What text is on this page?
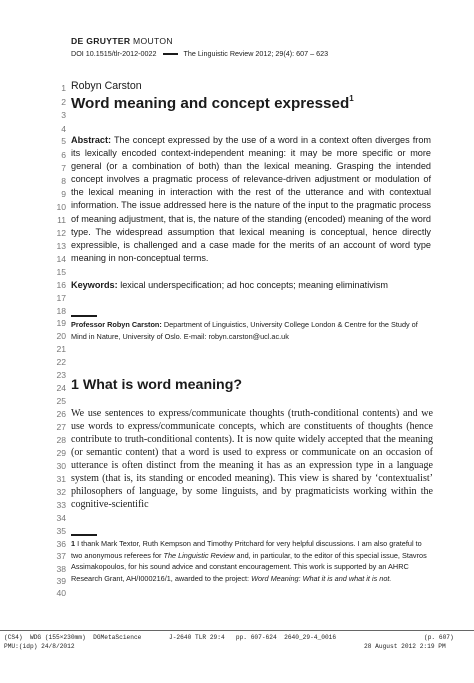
DE GRUYTER MOUTON
DOI 10.1515/tlr-2012-0022	The Linguistic Review 2012; 29(4): 607 – 623
1
2
3
4
5
6
7
8
9
10
11
12
13
14
15
16
17
18
19
20
21
22
23
24
25
26
27
28
29
30
31
32
33
34
35
36
37
38
39
40
Robyn Carston
Word meaning and concept expressed$^1$
Abstract: The concept expressed by the use of a word in a context often diverges from its lexically encoded context-independent meaning: it may be more specific or more general (or a combination of both) than the lexical meaning. Grasping the intended concept involves a pragmatic process of relevance-driven adjustment or modulation of the lexical meaning in interaction with the rest of the utterance and with contextual information. The issue addressed here is the nature of the input to the pragmatic process of meaning adjustment, that is, the nature of the standing (encoded) meaning of the word type. The widespread assumption that lexical meaning is conceptual, hence directly expressible, is challenged and a case made for the merits of an account of word type meaning in non-conceptual terms.
Keywords: lexical underspecification; ad hoc concepts; meaning eliminativism
Professor Robyn Carston: Department of Linguistics, University College London & Centre for the Study of Mind in Nature, University of Oslo. E-mail: robyn.carston@ucl.ac.uk
1 What is word meaning?
We use sentences to express/communicate thoughts (truth-conditional contents) and we use words to express/communicate concepts, which are constituents of thoughts (hence contribute to truth-conditional contents). It is now quite widely accepted that the meaning (or semantic content) that a word is used to express or communicate on an occasion of utterance is often distinct from the meaning it has as an expression type in a language system (that is, its standing or encoded meaning). This view is shared by ‘contextualist’ philosophers of language, by some linguists, and by pragmaticists working within the cognitive-scientific
1 I thank Mark Textor, Ruth Kempson and Timothy Pritchard for very helpful discussions. I am also grateful to two anonymous referees for The Linguistic Review and, in particular, to the editor of this special issue, Stavros Assimakopoulos, for his sound advice and constant encouragement. This work is supported by an AHRC Research Grant, AH/I000216/1, awarded to the project: Word Meaning: What it is and what it is not.
(CS4)  WDG (155×230mm)  DGMetaScience	J-2640 TLR 29:4   pp. 607-624  2640_29-4_0016	(p. 607)
PMU:(idp) 24/8/2012	28 August 2012 2:19 PM
